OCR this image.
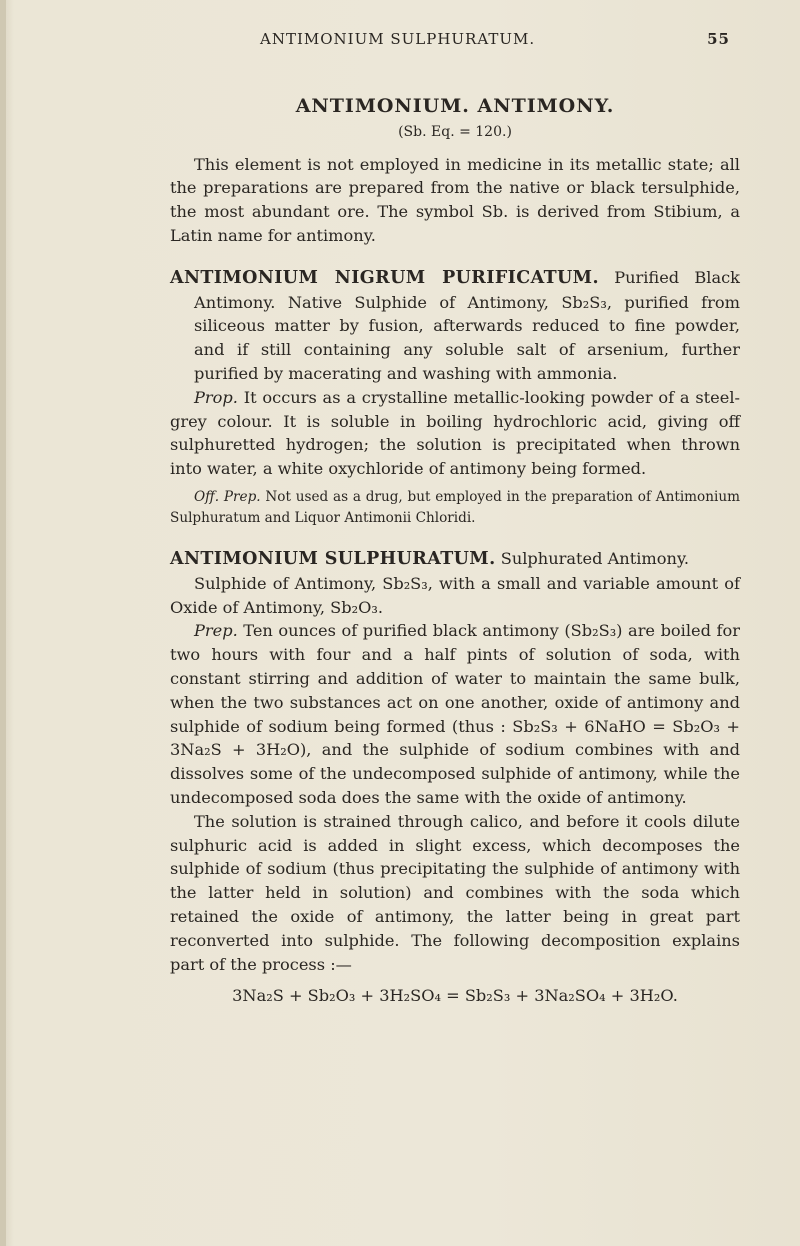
ANTIMONIUM SULPHURATUM.	55
ANTIMONIUM. ANTIMONY.
(Sb. Eq. = 120.)

This element is not employed in medicine in its metallic state; all the preparations are prepared from the native or black tersulphide, the most abundant ore. The symbol Sb. is derived from Stibium, a Latin name for antimony.

ANTIMONIUM NIGRUM PURIFICATUM. Purified Black Antimony. Native Sulphide of Antimony, Sb₂S₃, purified from siliceous matter by fusion, afterwards reduced to fine powder, and if still containing any soluble salt of arsenium, further purified by macerating and washing with ammonia.

Prop. It occurs as a crystalline metallic-looking powder of a steel-grey colour. It is soluble in boiling hydrochloric acid, giving off sulphuretted hydrogen; the solution is precipitated when thrown into water, a white oxychloride of antimony being formed.

Off. Prep. Not used as a drug, but employed in the preparation of Antimonium Sulphuratum and Liquor Antimonii Chloridi.

ANTIMONIUM SULPHURATUM. Sulphurated Antimony.

Sulphide of Antimony, Sb₂S₃, with a small and variable amount of Oxide of Antimony, Sb₂O₃.

Prep. Ten ounces of purified black antimony (Sb₂S₃) are boiled for two hours with four and a half pints of solution of soda, with constant stirring and addition of water to maintain the same bulk, when the two substances act on one another, oxide of antimony and sulphide of sodium being formed (thus : Sb₂S₃ + 6NaHO = Sb₂O₃ + 3Na₂S + 3H₂O), and the sulphide of sodium combines with and dissolves some of the undecomposed sulphide of antimony, while the undecomposed soda does the same with the oxide of antimony.

The solution is strained through calico, and before it cools dilute sulphuric acid is added in slight excess, which decomposes the sulphide of sodium (thus precipitating the sulphide of antimony with the latter held in solution) and combines with the soda which retained the oxide of antimony, the latter being in great part reconverted into sulphide. The following decomposition explains part of the process :—

3Na₂S + Sb₂O₃ + 3H₂SO₄ = Sb₂S₃ + 3Na₂SO₄ + 3H₂O.
